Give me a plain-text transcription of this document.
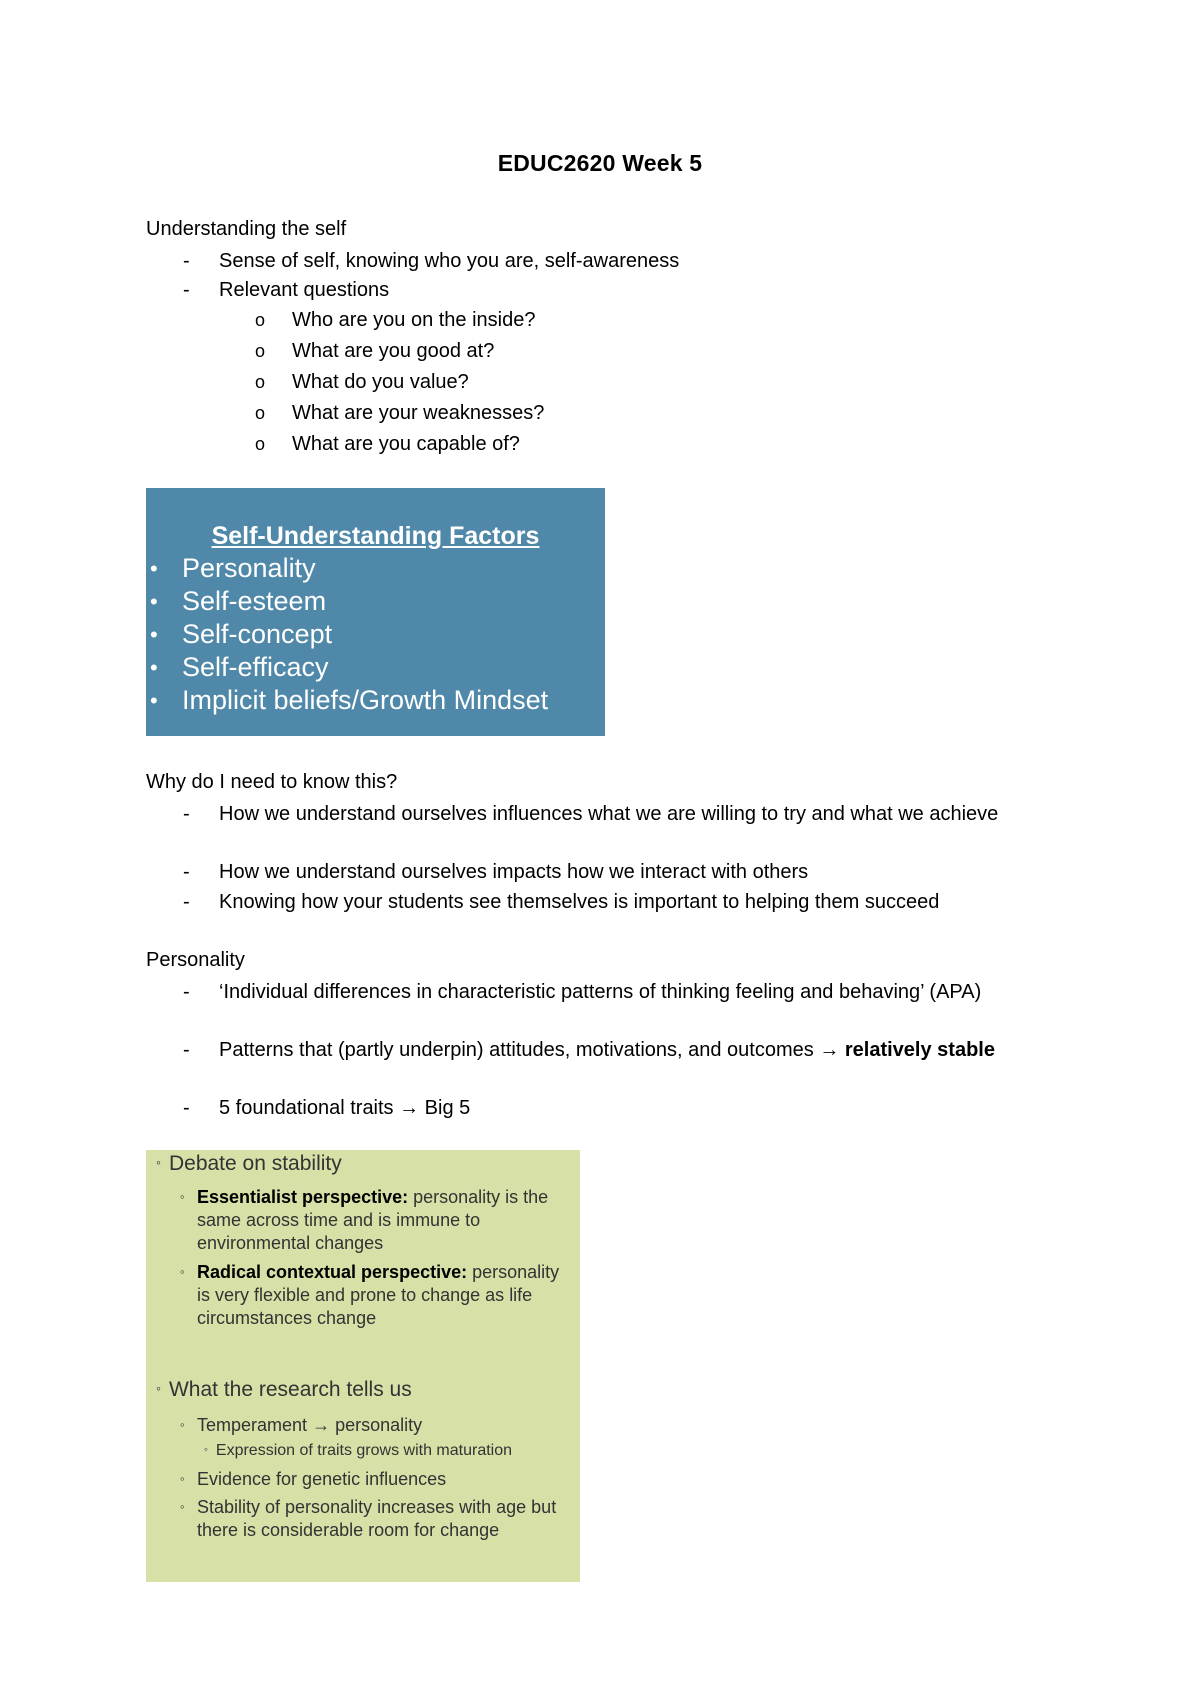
EDUC2620 Week 5
Understanding the self
- Sense of self, knowing who you are, self-awareness
- Relevant questions
o Who are you on the inside?
o What are you good at?
o What do you value?
o What are your weaknesses?
o What are you capable of?
Self-Understanding Factors
• Personality
• Self-esteem
• Self-concept
• Self-efficacy
• Implicit beliefs/Growth Mindset
Why do I need to know this?
- How we understand ourselves influences what we are willing to try and what we achieve
- How we understand ourselves impacts how we interact with others
- Knowing how your students see themselves is important to helping them succeed
Personality
- ‘Individual differences in characteristic patterns of thinking feeling and behaving’ (APA)
- Patterns that (partly underpin) attitudes, motivations, and outcomes → relatively stable
- 5 foundational traits → Big 5
◦ Debate on stability
◦ Essentialist perspective: personality is the same across time and is immune to environmental changes
◦ Radical contextual perspective: personality is very flexible and prone to change as life circumstances change
◦ What the research tells us
◦ Temperament → personality
◦ Expression of traits grows with maturation
◦ Evidence for genetic influences
◦ Stability of personality increases with age but there is considerable room for change
